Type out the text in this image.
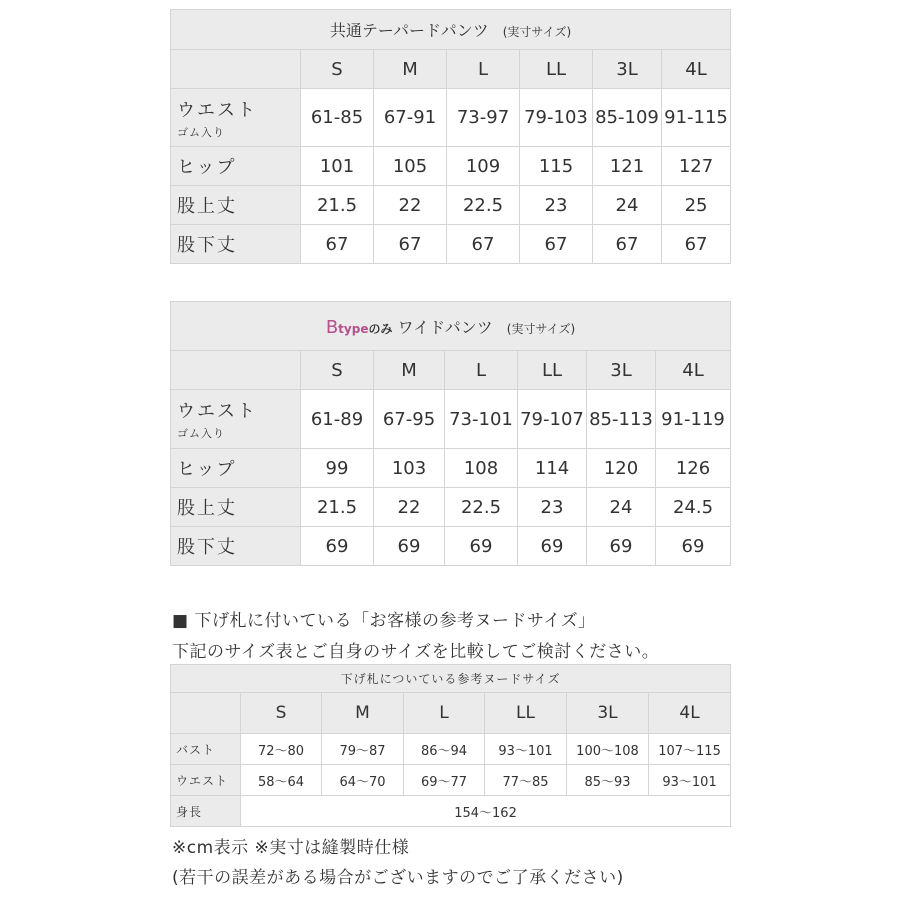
共通テーパードパンツ (実寸サイズ)						
	S	M	L	LL	3L	4L
ウエスト
ゴム入り	61-85	67-91	73-97	79-103	85-109	91-115
ヒップ	101	105	109	115	121	127
股上丈	21.5	22	22.5	23	24	25
股下丈	67	67	67	67	67	67
Btypeのみ ワイドパンツ (実寸サイズ)						
	S	M	L	LL	3L	4L
ウエスト
ゴム入り	61-89	67-95	73-101	79-107	85-113	91-119
ヒップ	99	103	108	114	120	126
股上丈	21.5	22	22.5	23	24	24.5
股下丈	69	69	69	69	69	69
■ 下げ札に付いている「お客様の参考ヌードサイズ」
下記のサイズ表とご自身のサイズを比較してご検討ください。
下げ札についている参考ヌードサイズ						
	S	M	L	LL	3L	4L
バスト	72〜80	79〜87	86〜94	93〜101	100〜108	107〜115
ウエスト	58〜64	64〜70	69〜77	77〜85	85〜93	93〜101
身長	154〜162					
※cm表示 ※実寸は縫製時仕様
(若干の誤差がある場合がございますのでご了承ください)
